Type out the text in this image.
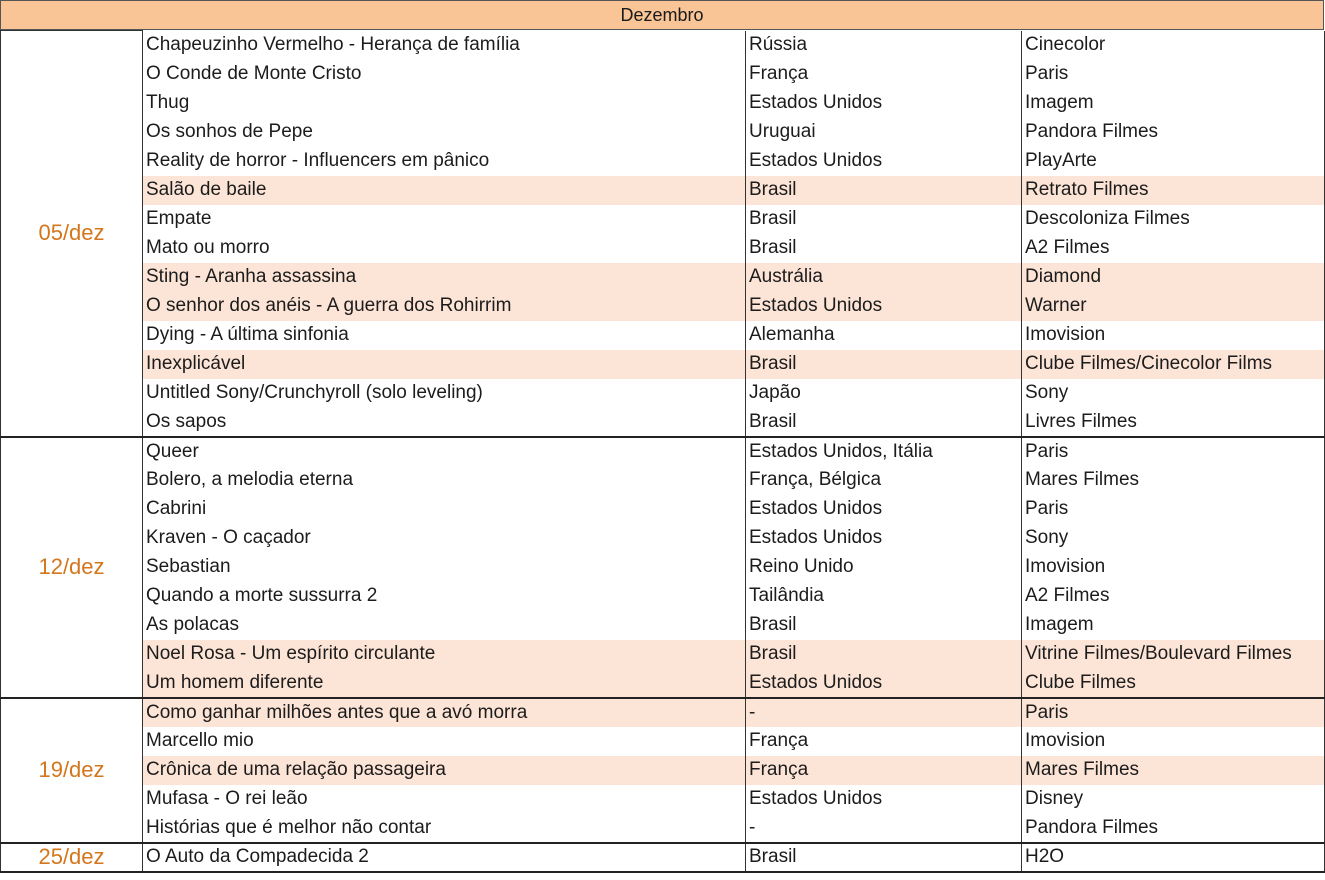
Dezembro
05/dez	Chapeuzinho Vermelho - Herança de família	Rússia	Cinecolor
	O Conde de Monte Cristo	França	Paris
	Thug	Estados Unidos	Imagem
	Os sonhos de Pepe	Uruguai	Pandora Filmes
	Reality de horror - Influencers em pânico	Estados Unidos	PlayArte
	Salão de baile	Brasil	Retrato Filmes
	Empate	Brasil	Descoloniza Filmes
	Mato ou morro	Brasil	A2 Filmes
	Sting - Aranha assassina	Austrália	Diamond
	O senhor dos anéis - A guerra dos Rohirrim	Estados Unidos	Warner
	Dying - A última sinfonia	Alemanha	Imovision
	Inexplicável	Brasil	Clube Filmes/Cinecolor Films
	Untitled Sony/Crunchyroll (solo leveling)	Japão	Sony
	Os sapos	Brasil	Livres Filmes
12/dez	Queer	Estados Unidos, Itália	Paris
	Bolero, a melodia eterna	França, Bélgica	Mares Filmes
	Cabrini	Estados Unidos	Paris
	Kraven - O caçador	Estados Unidos	Sony
	Sebastian	Reino Unido	Imovision
	Quando a morte sussurra 2	Tailândia	A2 Filmes
	As polacas	Brasil	Imagem
	Noel Rosa - Um espírito circulante	Brasil	Vitrine Filmes/Boulevard Filmes
	Um homem diferente	Estados Unidos	Clube Filmes
19/dez	Como ganhar milhões antes que a avó morra	-	Paris
	Marcello mio	França	Imovision
	Crônica de uma relação passageira	França	Mares Filmes
	Mufasa - O rei leão	Estados Unidos	Disney
	Histórias que é melhor não contar	-	Pandora Filmes
25/dez	O Auto da Compadecida 2	Brasil	H2O
